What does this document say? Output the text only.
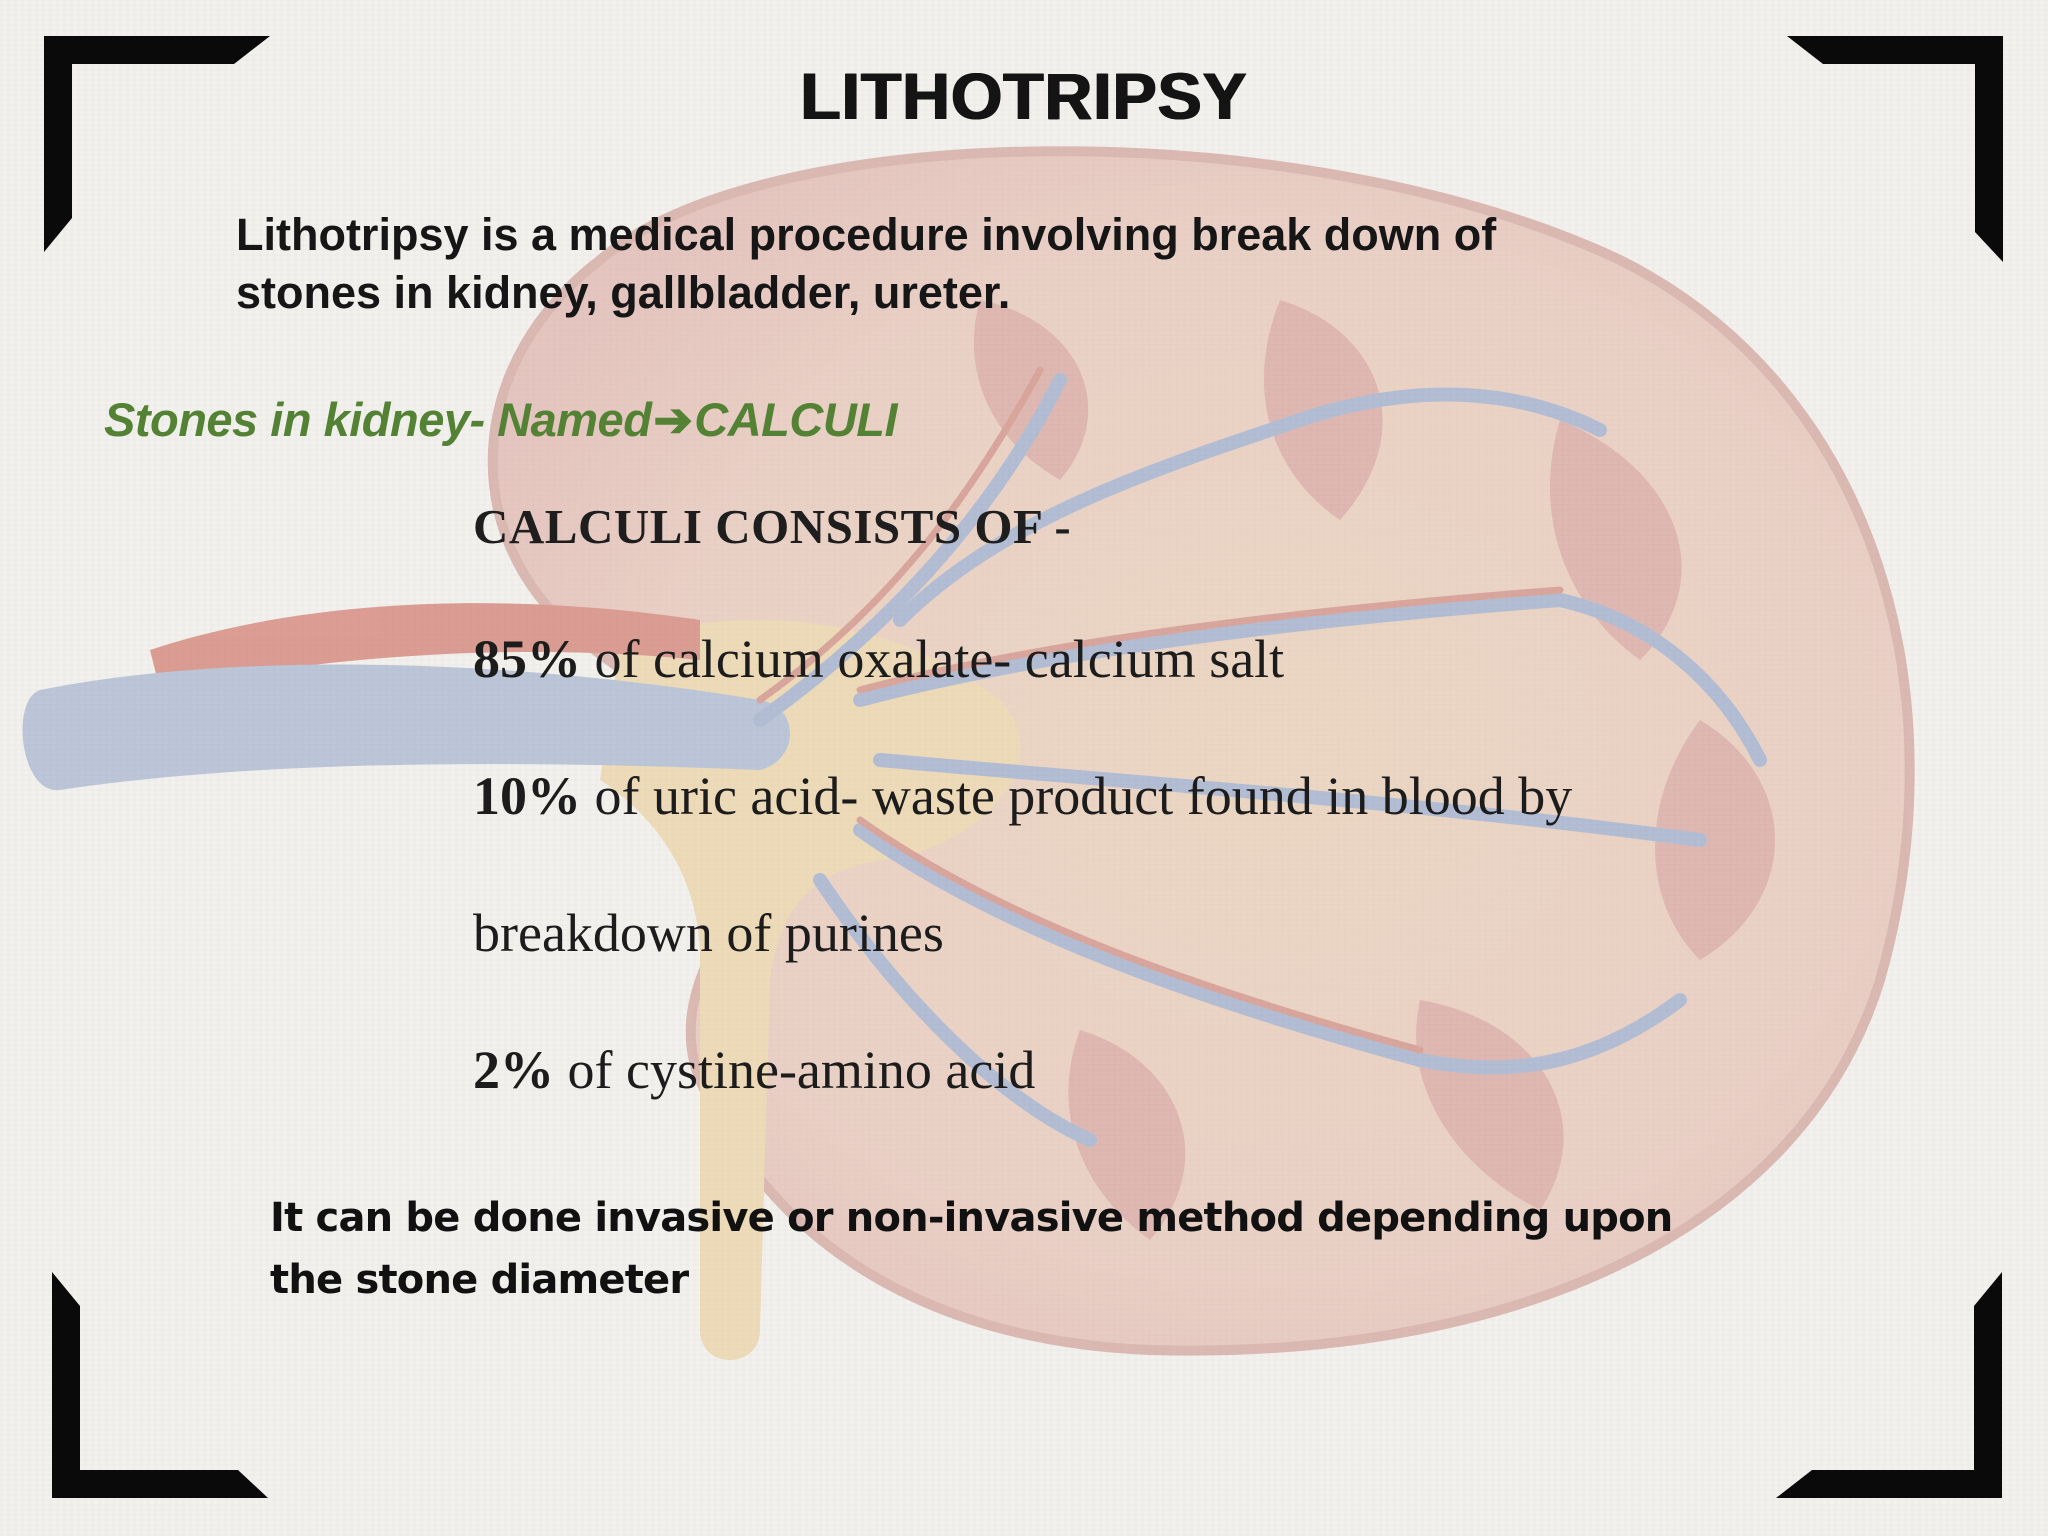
LITHOTRIPSY

Lithotripsy is a medical procedure involving break down of
stones in kidney, gallbladder, ureter.

Stones in kidney- Named➔CALCULI

CALCULI CONSISTS OF -

85% of calcium oxalate- calcium salt

10% of uric acid- waste product found in blood by

breakdown of purines

2% of cystine-amino acid

It can be done invasive or non-invasive method depending upon
the stone diameter
